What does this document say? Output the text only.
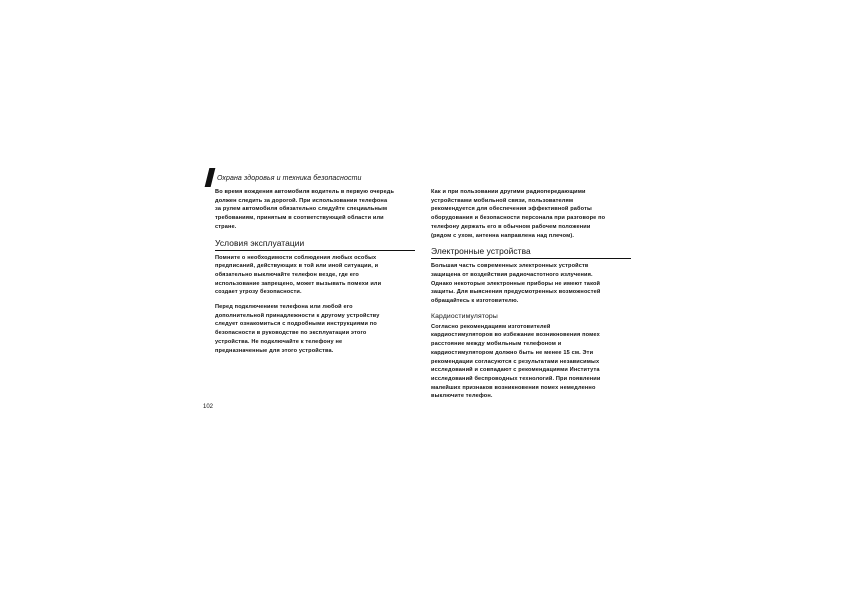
Охрана здоровья и техника безопасности

Во время вождения автомобиля водитель в первую очередь
должен следить за дорогой. При использовании телефона
за рулем автомобиля обязательно следуйте специальным
требованиям, принятым в соответствующей области или
стране.

Условия эксплуатации

Помните о необходимости соблюдения любых особых
предписаний, действующих в той или иной ситуации, и
обязательно выключайте телефон везде, где его
использование запрещено, может вызывать помехи или
создает угрозу безопасности.

Перед подключением телефона или любой его
дополнительной принадлежности к другому устройству
следует ознакомиться с подробными инструкциями по
безопасности в руководстве по эксплуатации этого
устройства. Не подключайте к телефону не
предназначенные для этого устройства.

Как и при пользовании другими радиопередающими
устройствами мобильной связи, пользователям
рекомендуется для обеспечения эффективной работы
оборудования и безопасности персонала при разговоре по
телефону держать его в обычном рабочем положении
(рядом с ухом, антенна направлена над плечом).

Электронные устройства

Большая часть современных электронных устройств
защищена от воздействия радиочастотного излучения.
Однако некоторые электронные приборы не имеют такой
защиты. Для выяснения предусмотренных возможностей
обращайтесь к изготовителю.

Кардиостимуляторы

Согласно рекомендациям изготовителей
кардиостимуляторов во избежание возникновения помех
расстояние между мобильным телефоном и
кардиостимулятором должно быть не менее 15 см. Эти
рекомендации согласуются с результатами независимых
исследований и совпадают с рекомендациями Института
исследований беспроводных технологий. При появлении
малейших признаков возникновения помех немедленно
выключите телефон.

102
